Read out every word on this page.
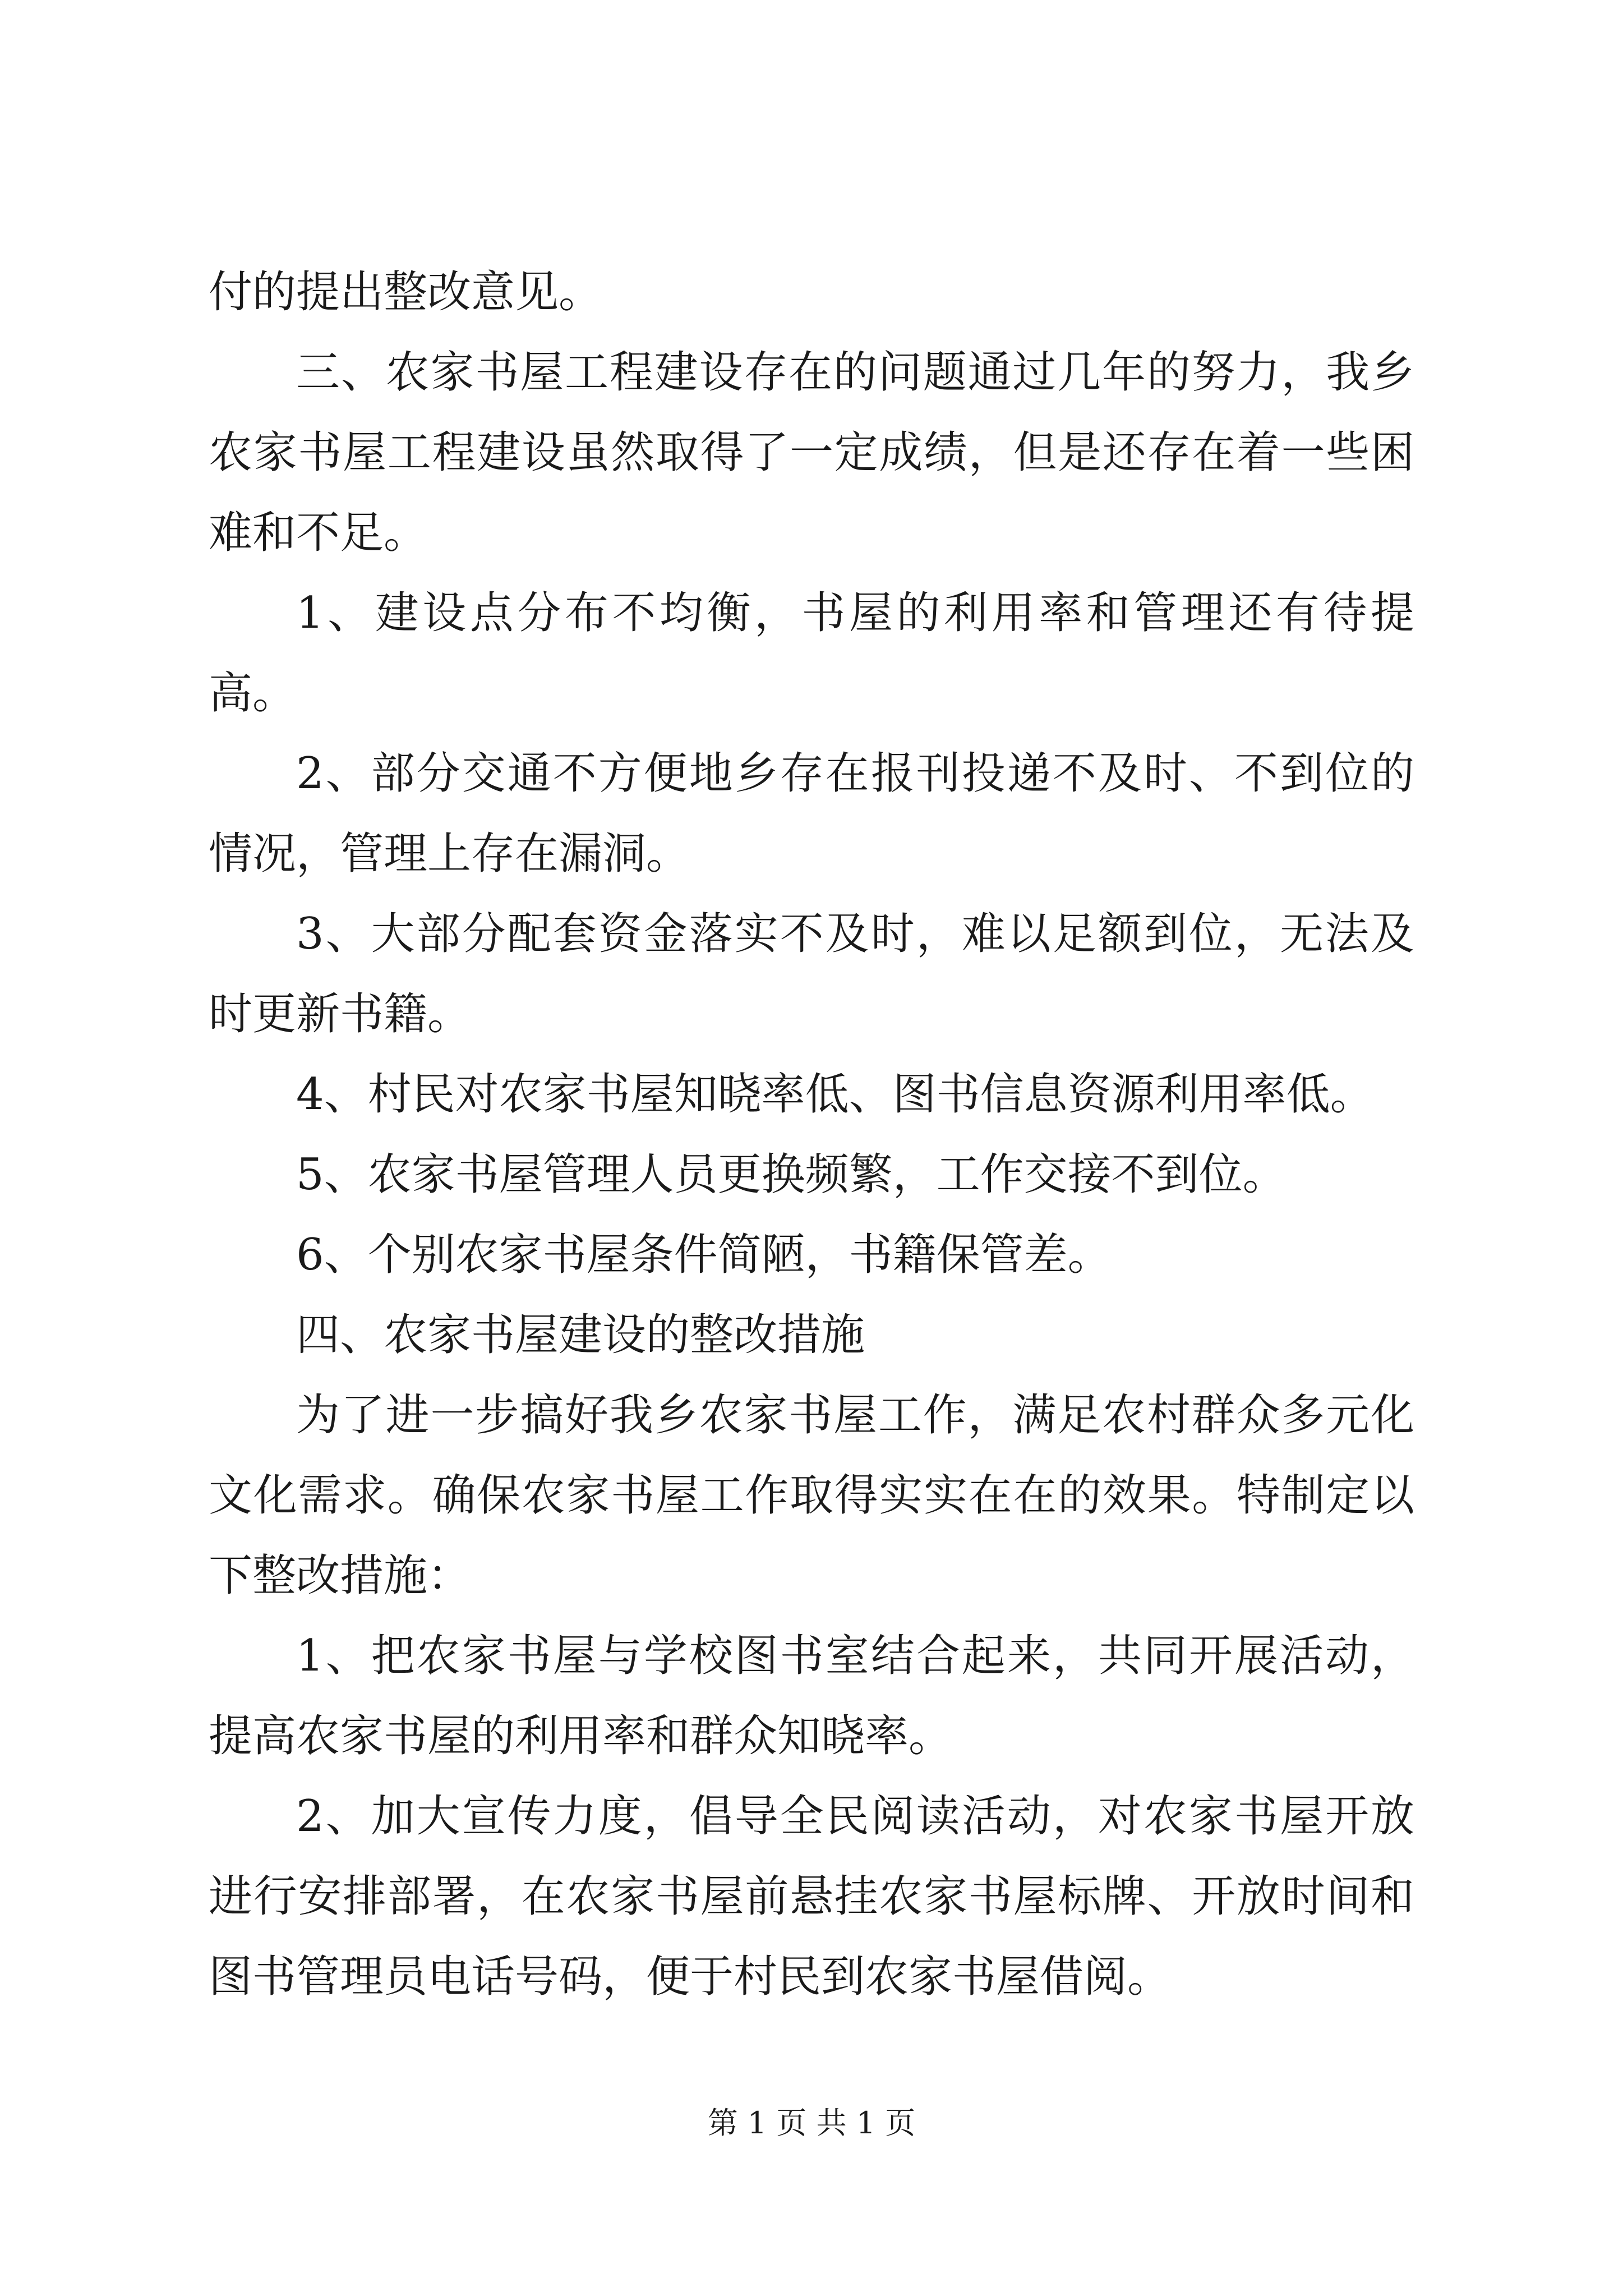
付的提出整改意见。

三、农家书屋工程建设存在的问题通过几年的努力，我乡农家书屋工程建设虽然取得了一定成绩，但是还存在着一些困难和不足。

1、建设点分布不均衡，书屋的利用率和管理还有待提高。

2、部分交通不方便地乡存在报刊投递不及时、不到位的情况，管理上存在漏洞。

3、大部分配套资金落实不及时，难以足额到位，无法及时更新书籍。

4、村民对农家书屋知晓率低、图书信息资源利用率低。

5、农家书屋管理人员更换频繁，工作交接不到位。

6、个别农家书屋条件简陋，书籍保管差。

四、农家书屋建设的整改措施

为了进一步搞好我乡农家书屋工作，满足农村群众多元化文化需求。确保农家书屋工作取得实实在在的效果。特制定以下整改措施：

1、把农家书屋与学校图书室结合起来，共同开展活动，提高农家书屋的利用率和群众知晓率。

2、加大宣传力度，倡导全民阅读活动，对农家书屋开放进行安排部署，在农家书屋前悬挂农家书屋标牌、开放时间和图书管理员电话号码，便于村民到农家书屋借阅。

第 1 页 共 1 页
